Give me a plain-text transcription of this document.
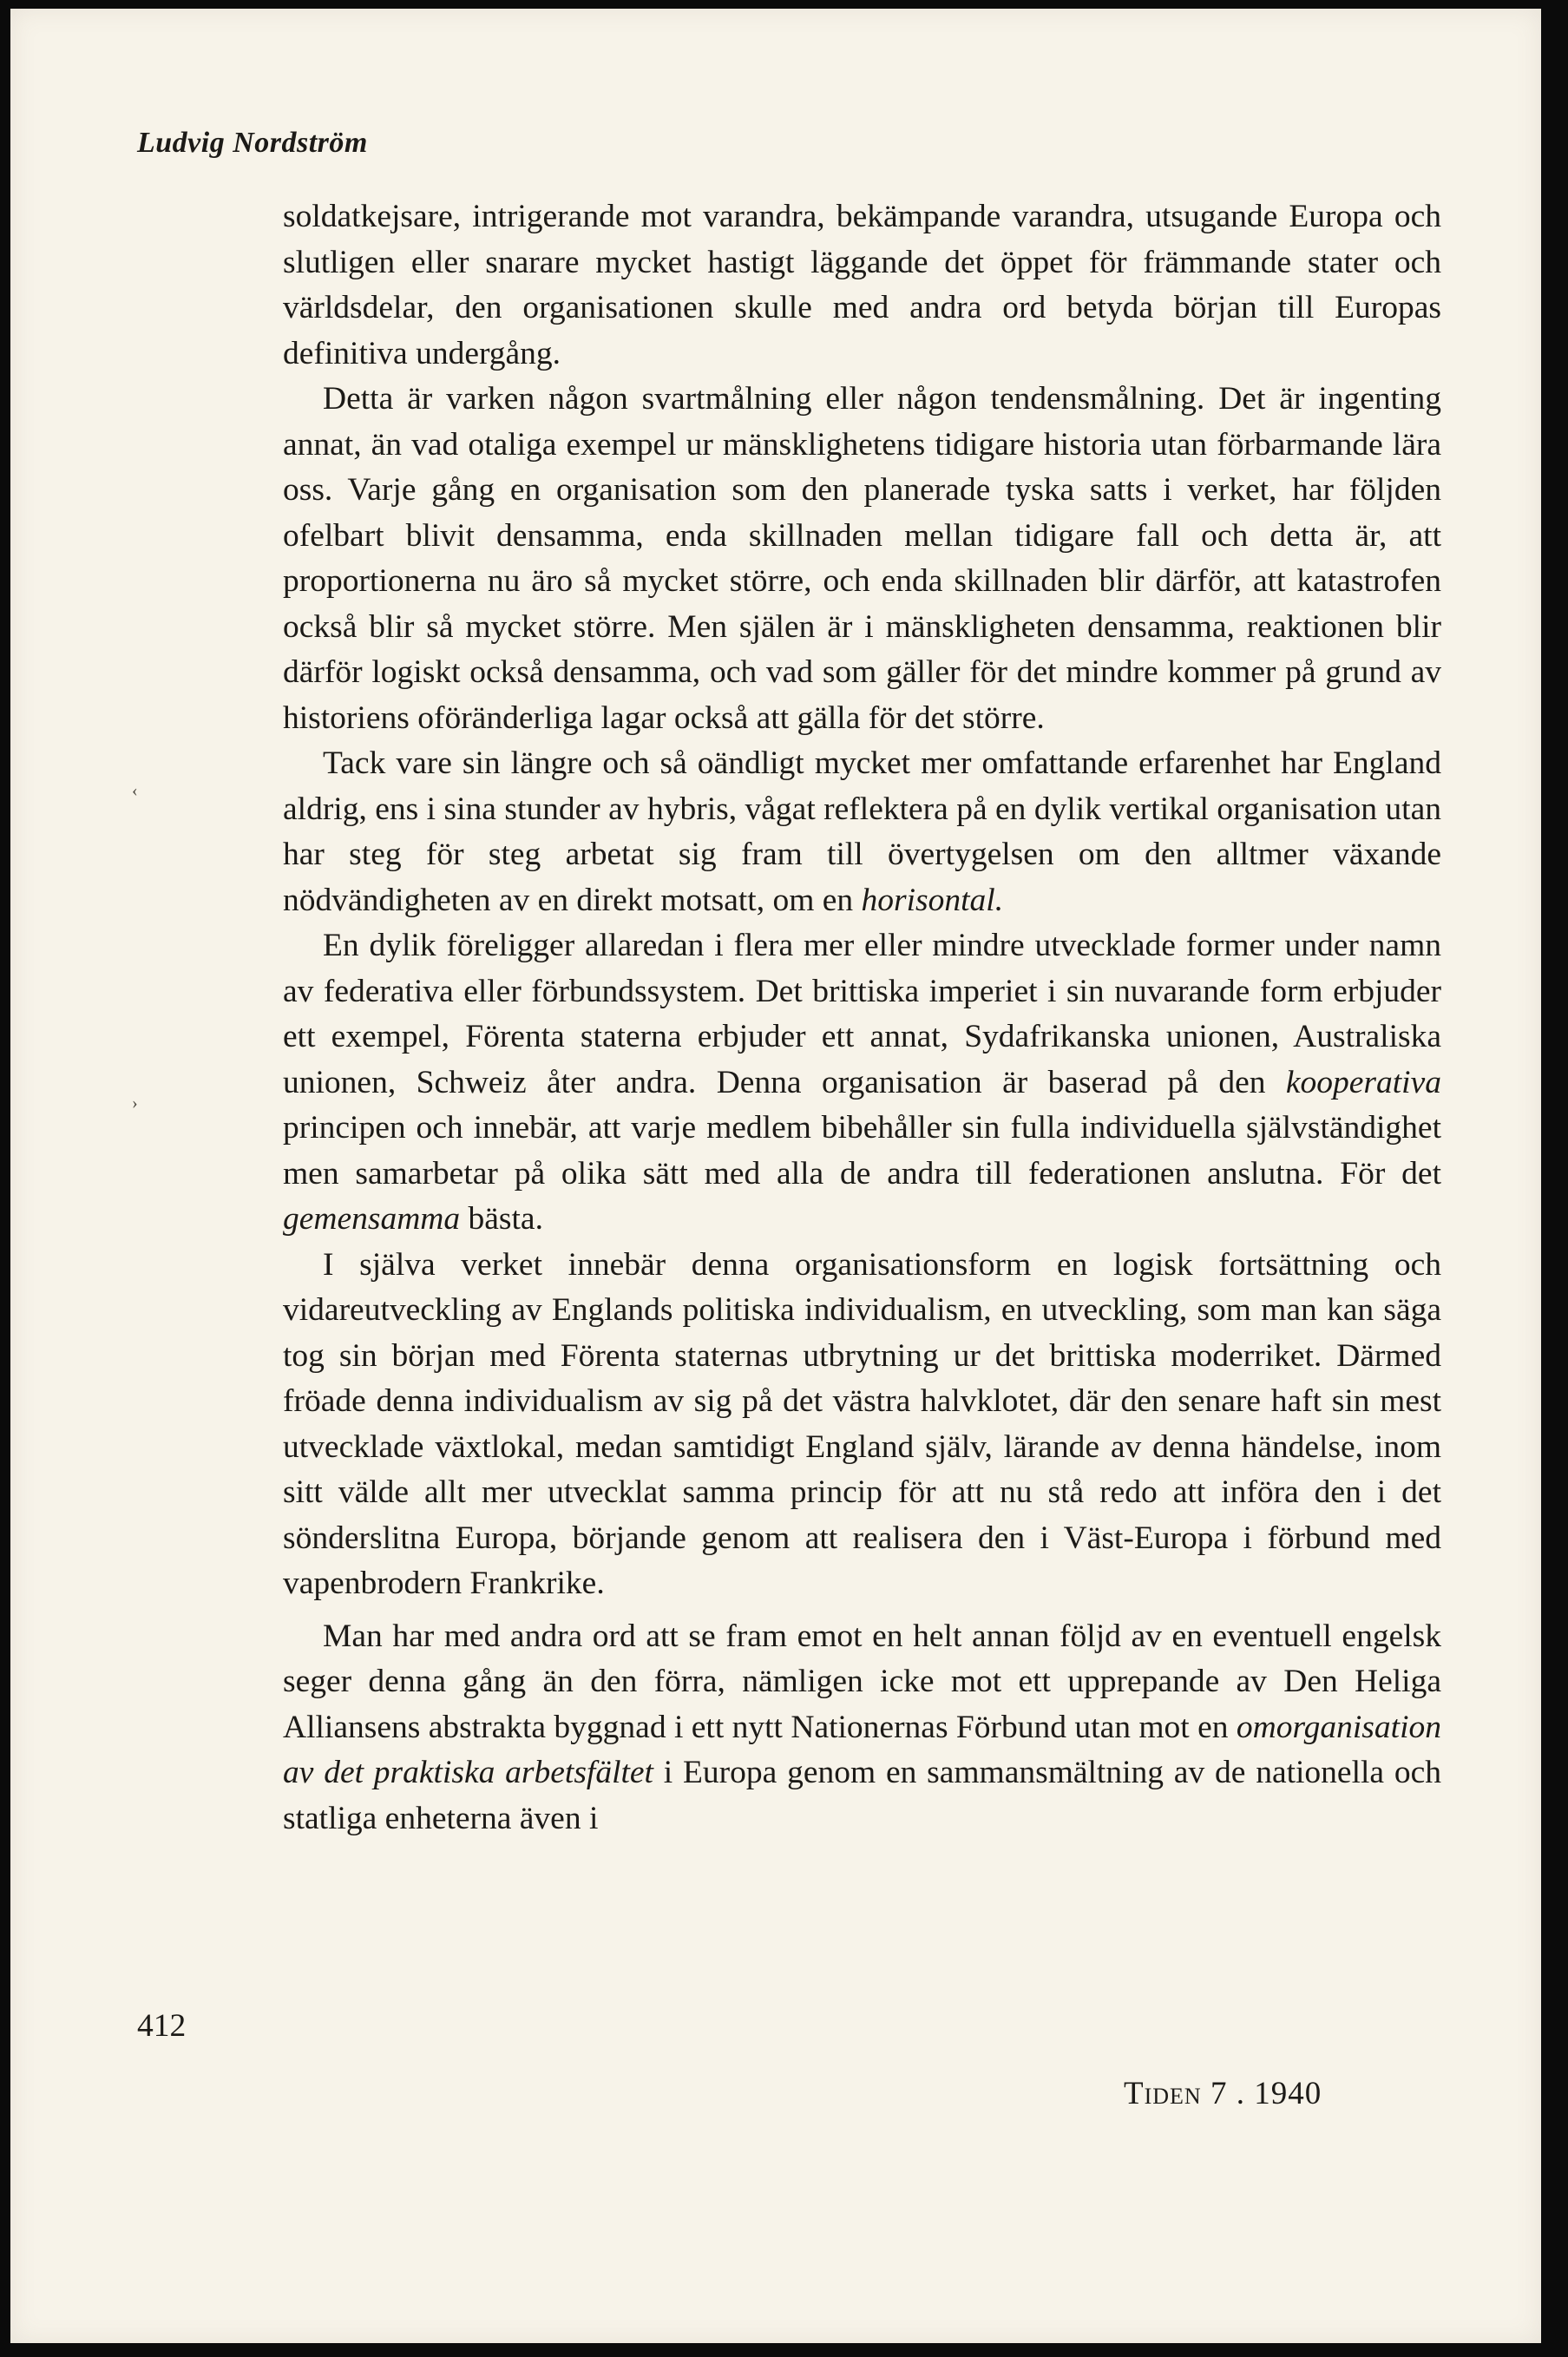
Ludvig Nordström

soldatkejsare, intrigerande mot varandra, bekämpande varandra, utsugande Europa och slutligen eller snarare mycket hastigt läggande det öppet för främmande stater och världsdelar, den organisationen skulle med andra ord betyda början till Europas definitiva undergång.

Detta är varken någon svartmålning eller någon tendensmålning. Det är ingenting annat, än vad otaliga exempel ur mänsklighetens tidigare historia utan förbarmande lära oss. Varje gång en organisation som den planerade tyska satts i verket, har följden ofelbart blivit densamma, enda skillnaden mellan tidigare fall och detta är, att proportionerna nu äro så mycket större, och enda skillnaden blir därför, att katastrofen också blir så mycket större. Men själen är i mänskligheten densamma, reaktionen blir därför logiskt också densamma, och vad som gäller för det mindre kommer på grund av historiens oföränderliga lagar också att gälla för det större.

Tack vare sin längre och så oändligt mycket mer omfattande erfarenhet har England aldrig, ens i sina stunder av hybris, vågat reflektera på en dylik vertikal organisation utan har steg för steg arbetat sig fram till övertygelsen om den alltmer växande nödvändigheten av en direkt motsatt, om en horisontal.

En dylik föreligger allaredan i flera mer eller mindre utvecklade former under namn av federativa eller förbundssystem. Det brittiska imperiet i sin nuvarande form erbjuder ett exempel, Förenta staterna erbjuder ett annat, Sydafrikanska unionen, Australiska unionen, Schweiz åter andra. Denna organisation är baserad på den kooperativa principen och innebär, att varje medlem bibehåller sin fulla individuella självständighet men samarbetar på olika sätt med alla de andra till federationen anslutna. För det gemensamma bästa.

I själva verket innebär denna organisationsform en logisk fortsättning och vidareutveckling av Englands politiska individualism, en utveckling, som man kan säga tog sin början med Förenta staternas utbrytning ur det brittiska moderriket. Därmed fröade denna individualism av sig på det västra halvklotet, där den senare haft sin mest utvecklade växtlokal, medan samtidigt England själv, lärande av denna händelse, inom sitt välde allt mer utvecklat samma princip för att nu stå redo att införa den i det sönderslitna Europa, börjande genom att realisera den i Väst-Europa i förbund med vapenbrodern Frankrike.

Man har med andra ord att se fram emot en helt annan följd av en eventuell engelsk seger denna gång än den förra, nämligen icke mot ett upprepande av Den Heliga Alliansens abstrakta byggnad i ett nytt Nationernas Förbund utan mot en omorganisation av det praktiska arbetsfältet i Europa genom en sammansmältning av de nationella och statliga enheterna även i

412
Tiden 7 . 1940
‹
›
